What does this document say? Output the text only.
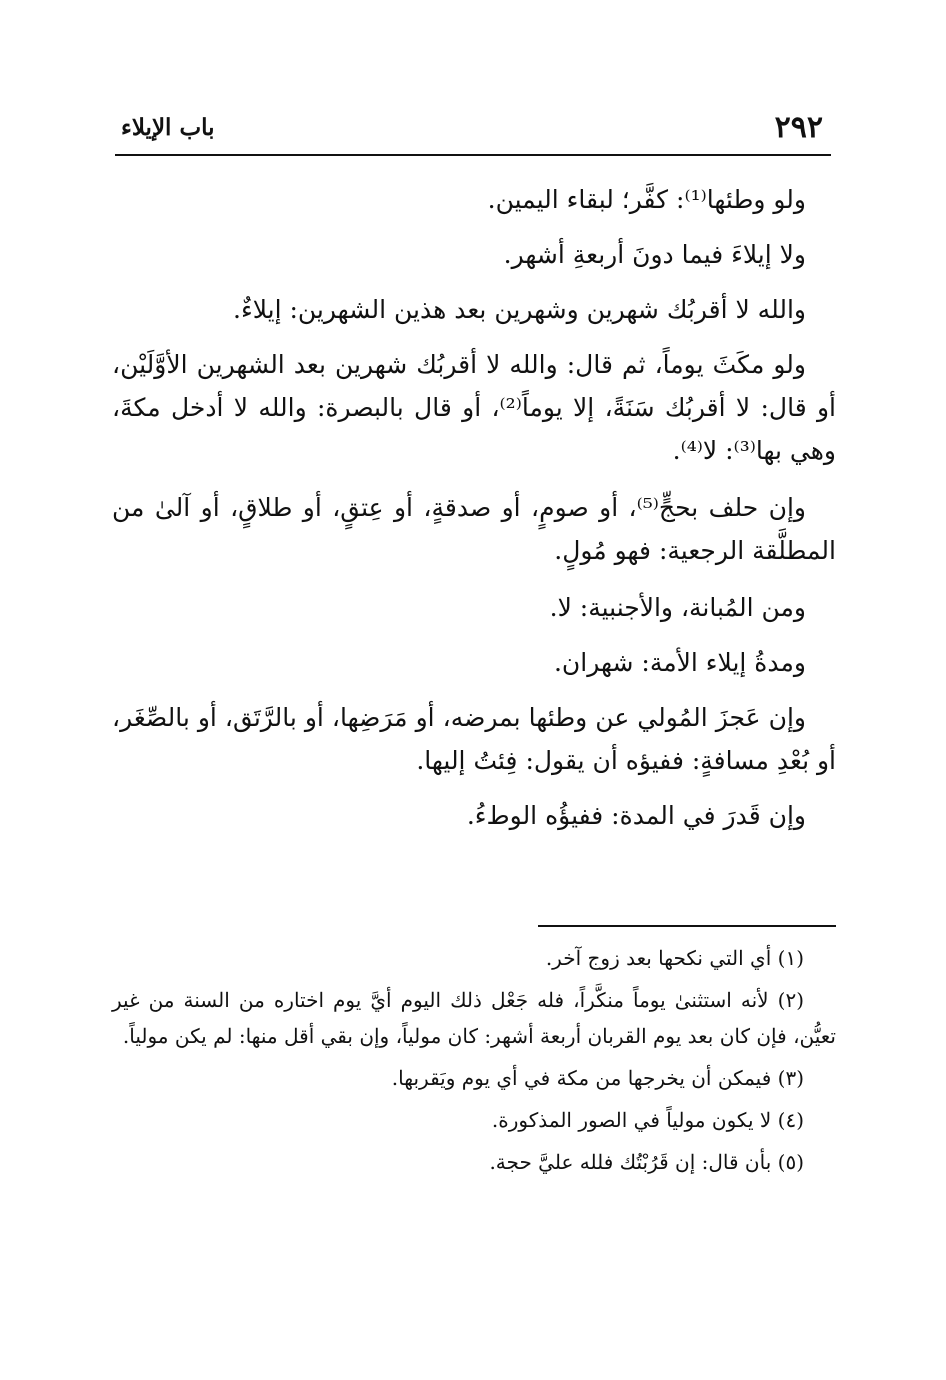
٢٩٢
باب الإيلاء

ولو وطئها⁽¹⁾: كفَّر؛ لبقاء اليمين.

ولا إيلاءَ فيما دونَ أربعةِ أشهر.

والله لا أقربُك شهرين وشهرين بعد هذين الشهرين: إيلاءٌ.

ولو مكَثَ يوماً، ثم قال: والله لا أقربُك شهرين بعد الشهرين الأوَّلَيْن، أو قال: لا أقربُك سَنَةً، إلا يوماً⁽²⁾، أو قال بالبصرة: والله لا أدخل مكةَ، وهي بها⁽³⁾: لا⁽⁴⁾.

وإن حلف بحجٍّ⁽⁵⁾، أو صومٍ، أو صدقةٍ، أو عِتقٍ، أو طلاقٍ، أو آلىٰ من المطلَّقة الرجعية: فهو مُولٍ.

ومن المُبانة، والأجنبية: لا.

ومدةُ إيلاء الأمة: شهران.

وإن عَجزَ المُولي عن وطئها بمرضه، أو مَرَضِها، أو بالرَّتَق، أو بالصِّغَر، أو بُعْدِ مسافةٍ: ففيؤه أن يقول: فِئتُ إليها.

وإن قَدرَ في المدة: ففيؤُه الوطءُ.

(١) أي التي نكحها بعد زوج آخر.

(٢) لأنه استثنىٰ يوماً منكَّراً، فله جَعْل ذلك اليوم أيَّ يوم اختاره من السنة من غير تعيُّن، فإن كان بعد يوم القربان أربعة أشهر: كان مولياً، وإن بقي أقل منها: لم يكن مولياً.

(٣) فيمكن أن يخرجها من مكة في أي يوم ويَقربها.

(٤) لا يكون مولياً في الصور المذكورة.

(٥) بأن قال: إن قَرُبْتُك فلله عليَّ حجة.
